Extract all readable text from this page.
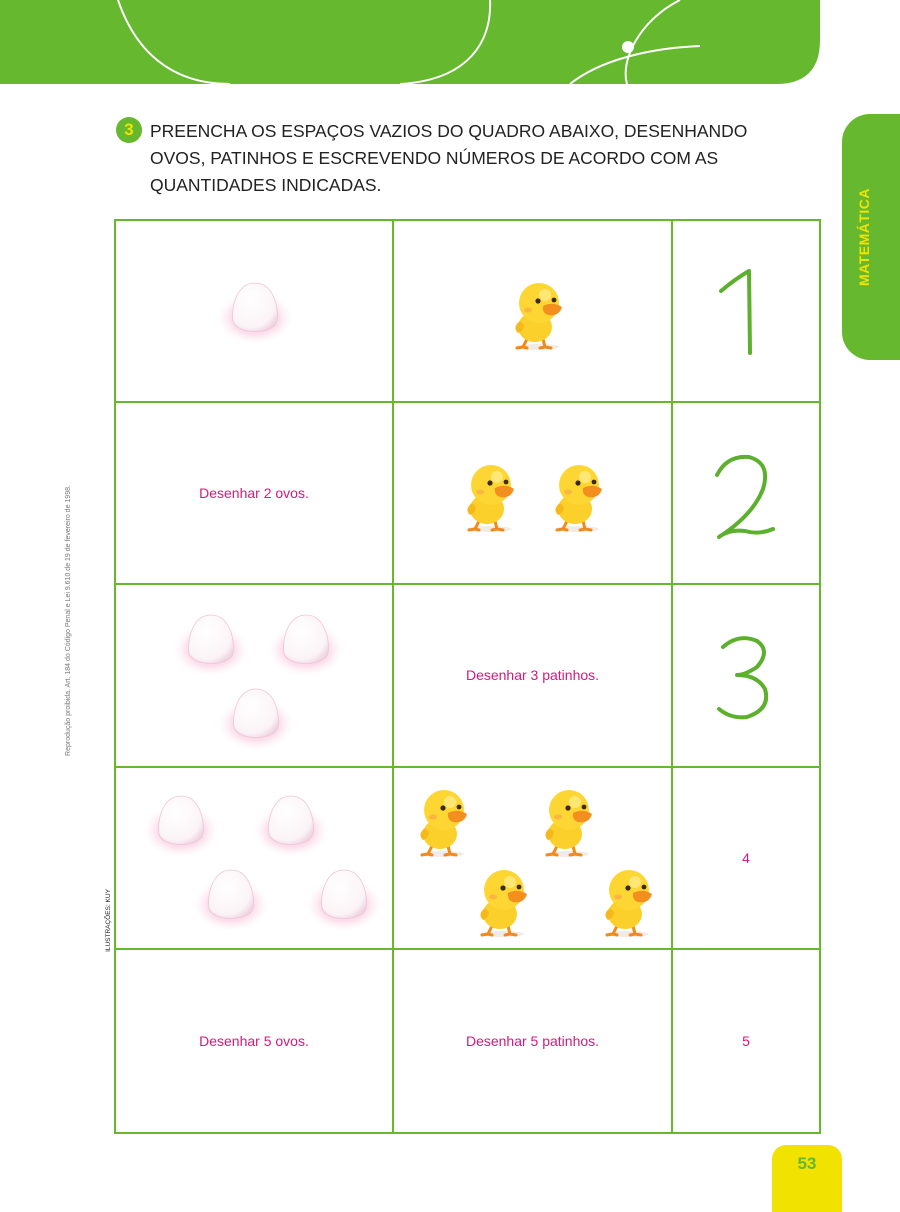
MATEMÁTICA
Reprodução proibida. Art. 184 do Código Penal e Lei 9.610 de 19 de fevereiro de 1998.
ILUSTRAÇÕES: KUY
3 PREENCHA OS ESPAÇOS VAZIOS DO QUADRO ABAIXO, DESENHANDO
OVOS, PATINHOS E ESCREVENDO NÚMEROS DE ACORDO COM AS
QUANTIDADES INDICADAS.
Desenhar 2 ovos.
Desenhar 3 patinhos.
4
Desenhar 5 ovos.	Desenhar 5 patinhos.	5
53
